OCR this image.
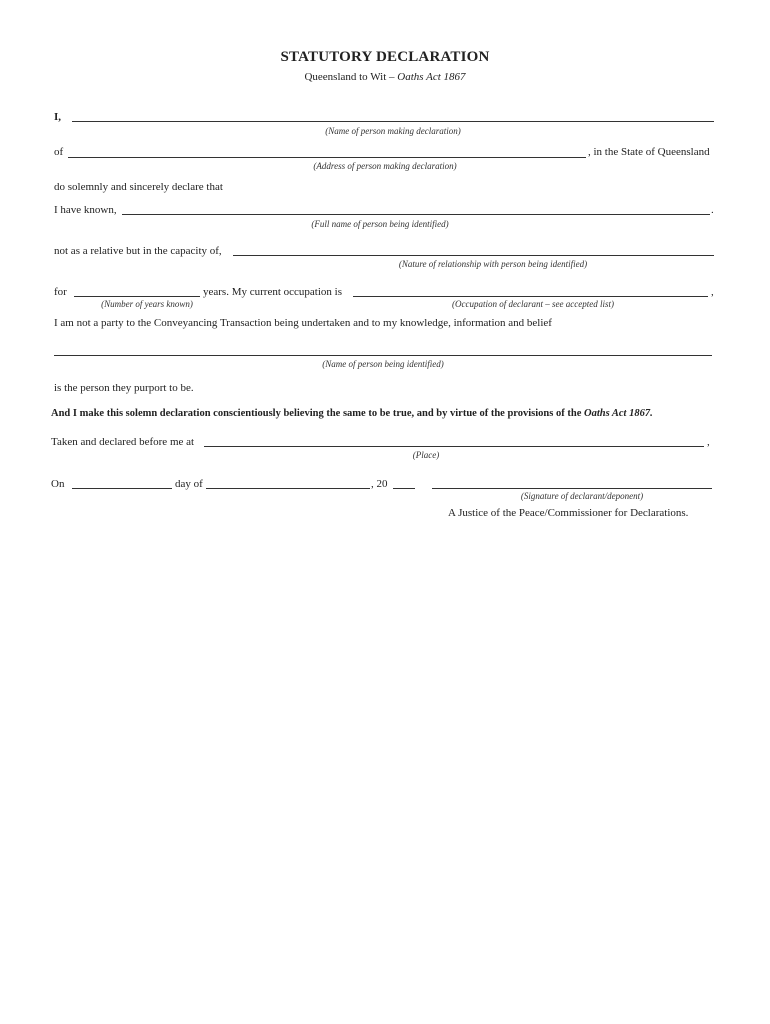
STATUTORY DECLARATION
Queensland to Wit – Oaths Act 1867
I,
(Name of person making declaration)
of	, in the State of Queensland
(Address of person making declaration)
do solemnly and sincerely declare that
I have known,	.
(Full name of person being identified)
not as a relative but in the capacity of,
(Nature of relationship with person being identified)
for	years. My current occupation is	,
(Number of years known)	(Occupation of declarant – see accepted list)
I am not a party to the Conveyancing Transaction being undertaken and to my knowledge, information and belief
(Name of person being identified)
is the person they purport to be.
And I make this solemn declaration conscientiously believing the same to be true, and by virtue of the provisions of the Oaths Act 1867.
Taken and declared before me at	,
(Place)
On	day of	, 20
(Signature of declarant/deponent)
A Justice of the Peace/Commissioner for Declarations.
